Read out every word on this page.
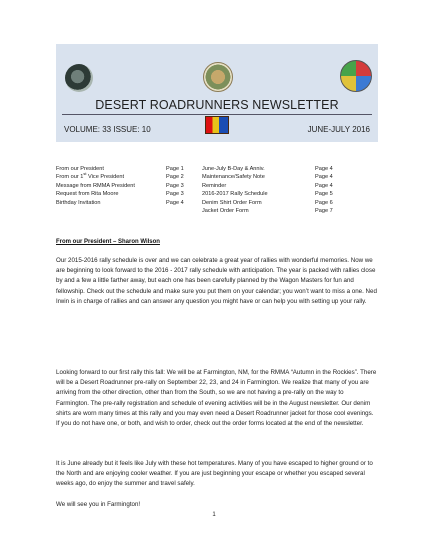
DESERT ROADRUNNERS NEWSLETTER
VOLUME: 33 ISSUE: 10	JUNE-JULY 2016
From our President	Page 1
From our 1st Vice President	Page 2
Message from RMMA President	Page 3
Request from Rita Moore	Page 3
Birthday Invitation	Page 4
June-July B-Day & Anniv.	Page 4
Maintenance/Safety Note	Page 4
Reminder	Page 4
2016-2017 Rally Schedule	Page 5
Denim Shirt Order Form	Page 6
Jacket Order Form	Page 7
From our President – Sharon Wilson

Our 2015-2016 rally schedule is over and we can celebrate a great year of rallies with wonderful memories. Now we are beginning to look forward to the 2016 - 2017 rally schedule with anticipation. The year is packed with rallies close by and a few a little farther away, but each one has been carefully planned by the Wagon Masters for fun and fellowship. Check out the schedule and make sure you put them on your calendar; you won’t want to miss a one. Ned Irwin is in charge of rallies and can answer any question you might have or can help you with setting up your rally.

Looking forward to our first rally this fall: We will be at Farmington, NM, for the RMMA “Autumn in the Rockies”. There will be a Desert Roadrunner pre-rally on September 22, 23, and 24 in Farmington. We realize that many of you are arriving from the other direction, other than from the South, so we are not having a pre-rally on the way to Farmington. The pre-rally registration and schedule of evening activities will be in the August newsletter. Our denim shirts are worn many times at this rally and you may even need a Desert Roadrunner jacket for those cool evenings. If you do not have one, or both, and wish to order, check out the order forms located at the end of the newsletter.

It is June already but it feels like July with these hot temperatures. Many of you have escaped to higher ground or to the North and are enjoying cooler weather. If you are just beginning your escape or whether you escaped several weeks ago, do enjoy the summer and travel safely.

We will see you in Farmington!

1
